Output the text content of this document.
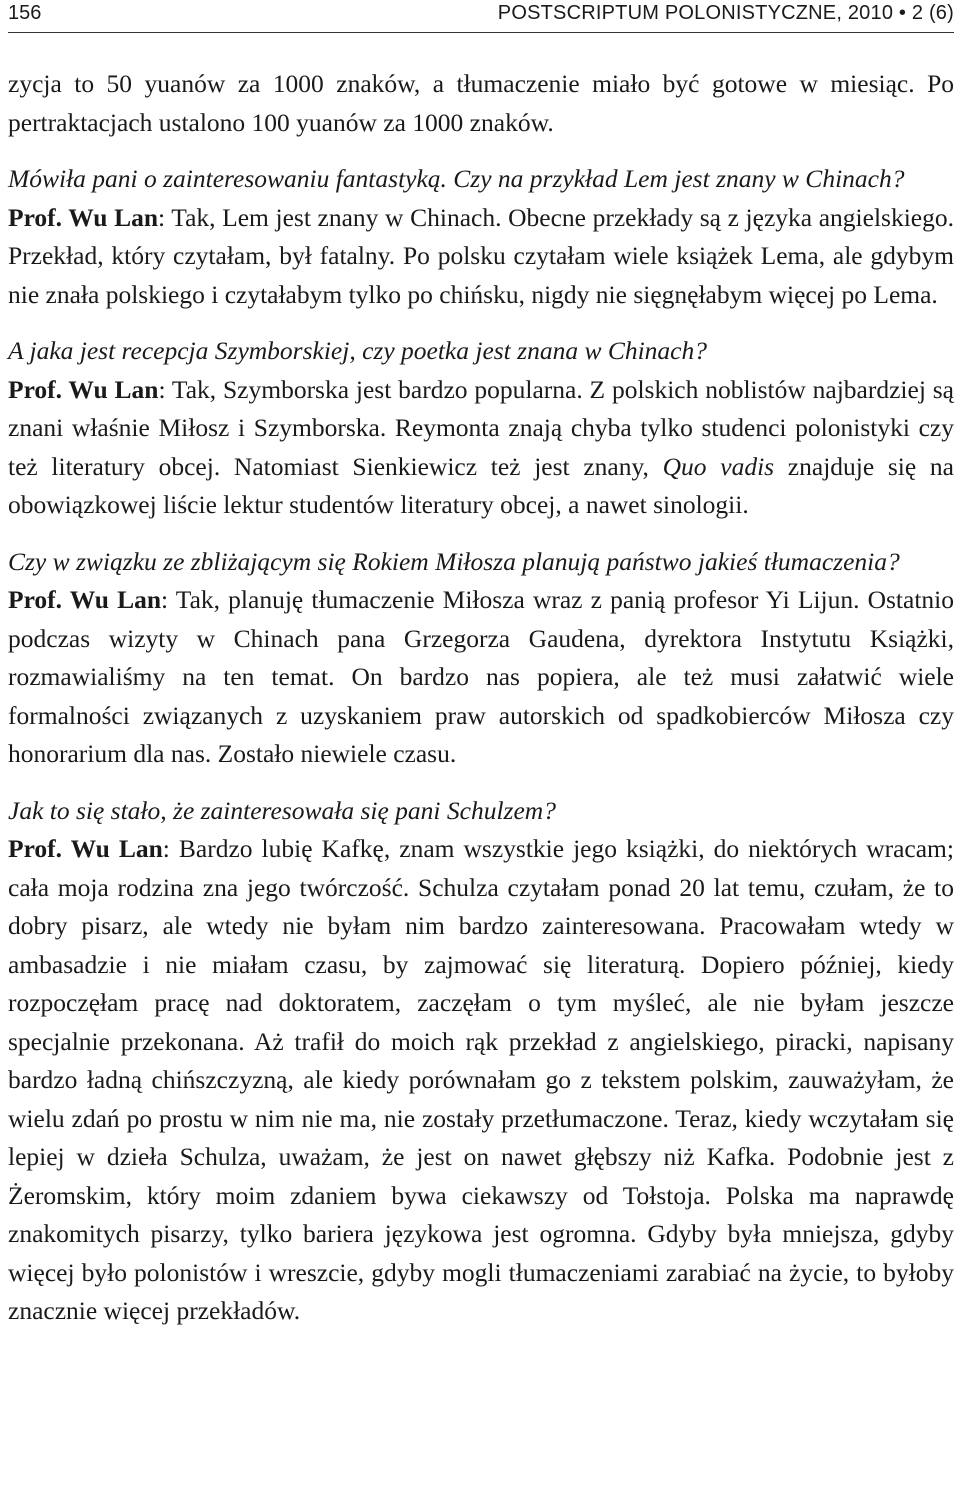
156	POSTSCRIPTUM POLONISTYCZNE, 2010 • 2 (6)

zycja to 50 yuanów za 1000 znaków, a tłumaczenie miało być gotowe w miesiąc. Po pertraktacjach ustalono 100 yuanów za 1000 znaków.

Mówiła pani o zainteresowaniu fantastyką. Czy na przykład Lem jest znany w Chinach?

Prof. Wu Lan: Tak, Lem jest znany w Chinach. Obecne przekłady są z języka angielskiego. Przekład, który czytałam, był fatalny. Po polsku czytałam wiele książek Lema, ale gdybym nie znała polskiego i czytałabym tylko po chińsku, nigdy nie sięgnęłabym więcej po Lema.

A jaka jest recepcja Szymborskiej, czy poetka jest znana w Chinach?

Prof. Wu Lan: Tak, Szymborska jest bardzo popularna. Z polskich noblistów najbardziej są znani właśnie Miłosz i Szymborska. Reymonta znają chyba tylko studenci polonistyki czy też literatury obcej. Natomiast Sienkiewicz też jest znany, Quo vadis znajduje się na obowiązkowej liście lektur studentów literatury obcej, a nawet sinologii.

Czy w związku ze zbliżającym się Rokiem Miłosza planują państwo jakieś tłumaczenia?

Prof. Wu Lan: Tak, planuję tłumaczenie Miłosza wraz z panią profesor Yi Lijun. Ostatnio podczas wizyty w Chinach pana Grzegorza Gaudena, dyrektora Instytutu Książki, rozmawialiśmy na ten temat. On bardzo nas popiera, ale też musi załatwić wiele formalności związanych z uzyskaniem praw autorskich od spadkobierców Miłosza czy honorarium dla nas. Zostało niewiele czasu.

Jak to się stało, że zainteresowała się pani Schulzem?

Prof. Wu Lan: Bardzo lubię Kafkę, znam wszystkie jego książki, do niektórych wracam; cała moja rodzina zna jego twórczość. Schulza czytałam ponad 20 lat temu, czułam, że to dobry pisarz, ale wtedy nie byłam nim bardzo zainteresowana. Pracowałam wtedy w ambasadzie i nie miałam czasu, by zajmować się literaturą. Dopiero później, kiedy rozpoczęłam pracę nad doktoratem, zaczęłam o tym myśleć, ale nie byłam jeszcze specjalnie przekonana. Aż trafił do moich rąk przekład z angielskiego, piracki, napisany bardzo ładną chińszczyzną, ale kiedy porównałam go z tekstem polskim, zauważyłam, że wielu zdań po prostu w nim nie ma, nie zostały przetłumaczone. Teraz, kiedy wczytałam się lepiej w dzieła Schulza, uważam, że jest on nawet głębszy niż Kafka. Podobnie jest z Żeromskim, który moim zdaniem bywa ciekawszy od Tołstoja. Polska ma naprawdę znakomitych pisarzy, tylko bariera językowa jest ogromna. Gdyby była mniejsza, gdyby więcej było polonistów i wreszcie, gdyby mogli tłumaczeniami zarabiać na życie, to byłoby znacznie więcej przekładów.
